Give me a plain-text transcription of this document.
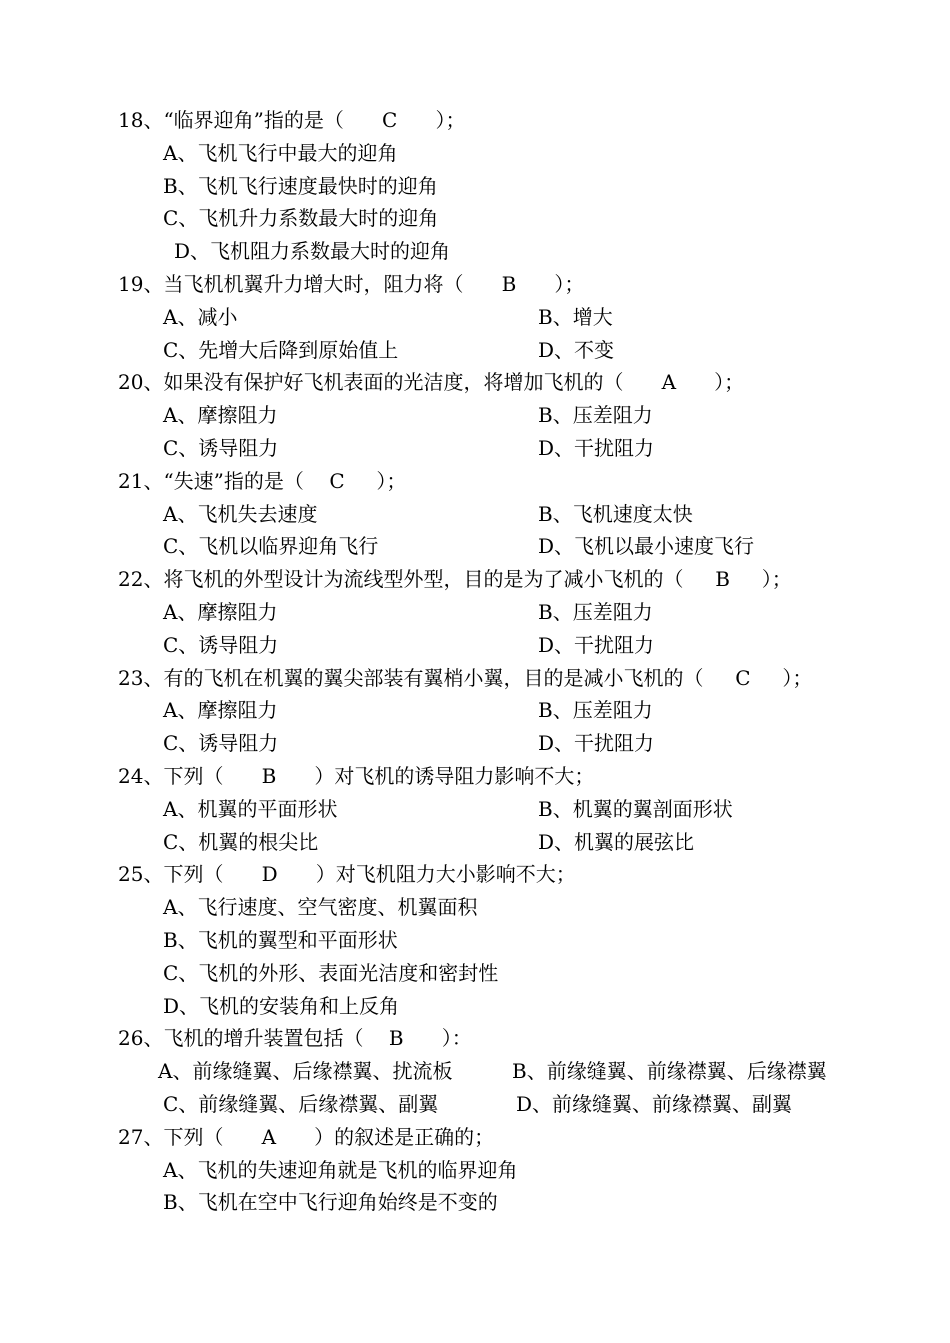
18、“临界迎角”指的是（      C      ）；
A、飞机飞行中最大的迎角
B、飞机飞行速度最快时的迎角
C、飞机升力系数最大时的迎角
D、飞机阻力系数最大时的迎角
19、当飞机机翼升力增大时，阻力将（      B      ）；
A、减小	B、增大
C、先增大后降到原始值上	D、不变
20、如果没有保护好飞机表面的光洁度，将增加飞机的（      A      ）；
A、摩擦阻力	B、压差阻力
C、诱导阻力	D、干扰阻力
21、“失速”指的是（    C     ）；
A、飞机失去速度	B、飞机速度太快
C、飞机以临界迎角飞行	D、飞机以最小速度飞行
22、将飞机的外型设计为流线型外型，目的是为了减小飞机的（     B     ）；
A、摩擦阻力	B、压差阻力
C、诱导阻力	D、干扰阻力
23、有的飞机在机翼的翼尖部装有翼梢小翼，目的是减小飞机的（     C     ）；
A、摩擦阻力	B、压差阻力
C、诱导阻力	D、干扰阻力
24、下列（      B      ）对飞机的诱导阻力影响不大；
A、机翼的平面形状	B、机翼的翼剖面形状
C、机翼的根尖比	D、机翼的展弦比
25、下列（      D      ）对飞机阻力大小影响不大；
A、飞行速度、空气密度、机翼面积
B、飞机的翼型和平面形状
C、飞机的外形、表面光洁度和密封性
D、飞机的安装角和上反角
26、飞机的增升装置包括（    B      ）：
A、前缘缝翼、后缘襟翼、扰流板	B、前缘缝翼、前缘襟翼、后缘襟翼
C、前缘缝翼、后缘襟翼、副翼	D、前缘缝翼、前缘襟翼、副翼
27、下列（      A      ）的叙述是正确的；
A、飞机的失速迎角就是飞机的临界迎角
B、飞机在空中飞行迎角始终是不变的
